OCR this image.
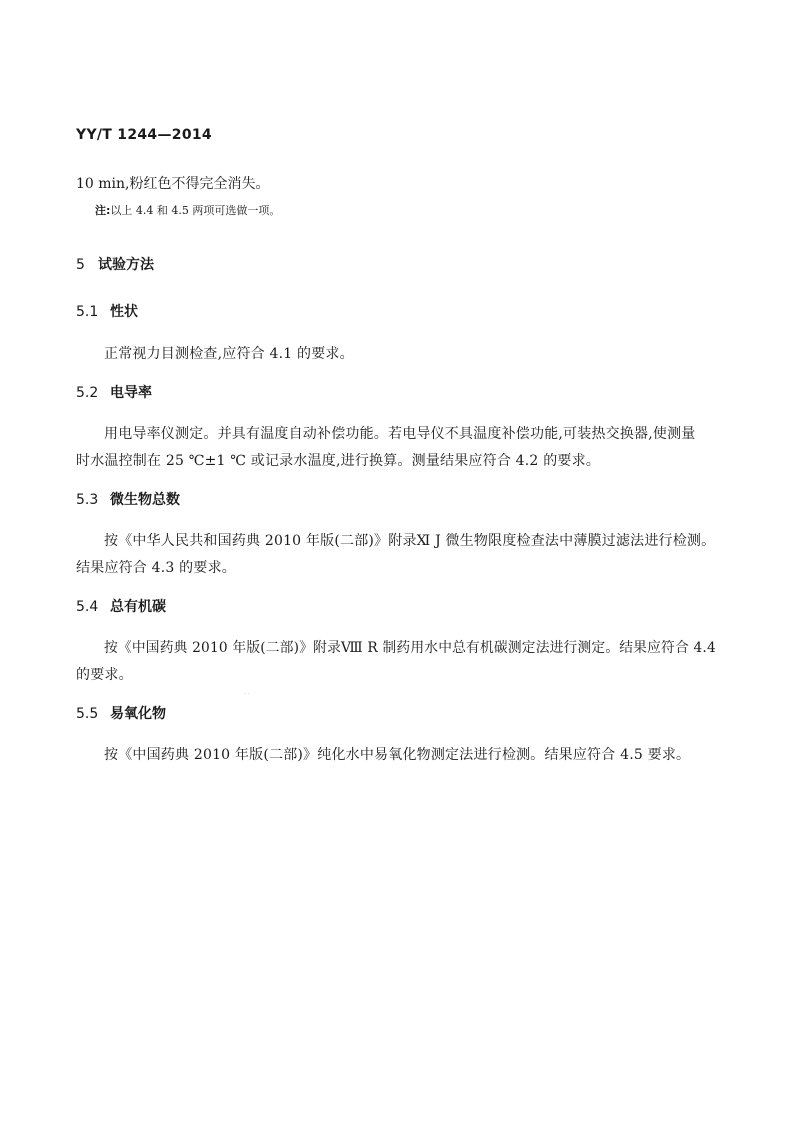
YY/T 1244—2014
10 min,粉红色不得完全消失。
注:以上 4.4 和 4.5 两项可选做一项。
5 试验方法
5.1 性状
正常视力目测检查,应符合 4.1 的要求。
5.2 电导率
用电导率仪测定。并具有温度自动补偿功能。若电导仪不具温度补偿功能,可装热交换器,使测量
时水温控制在 25 ℃±1 ℃ 或记录水温度,进行换算。测量结果应符合 4.2 的要求。
5.3 微生物总数
按《中华人民共和国药典 2010 年版(二部)》附录Ⅺ J 微生物限度检查法中薄膜过滤法进行检测。
结果应符合 4.3 的要求。
5.4 总有机碳
按《中国药典 2010 年版(二部)》附录Ⅷ R 制药用水中总有机碳测定法进行测定。结果应符合 4.4
的要求。
· ·
5.5 易氧化物
按《中国药典 2010 年版(二部)》纯化水中易氧化物测定法进行检测。结果应符合 4.5 要求。
